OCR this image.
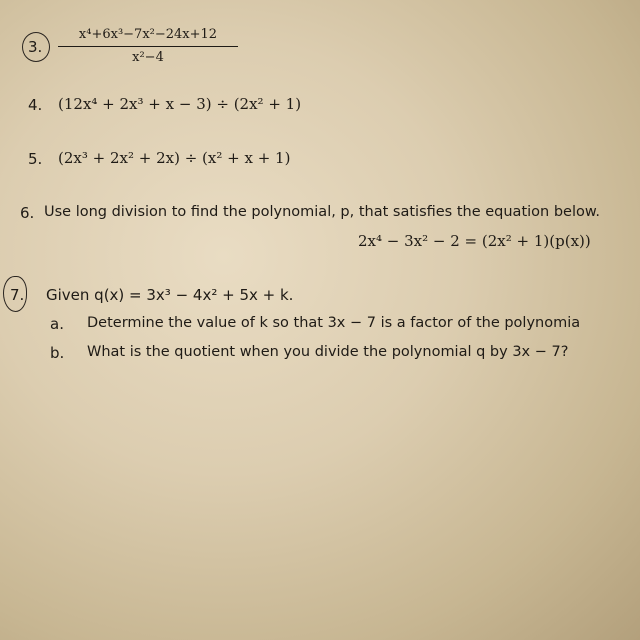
3.
x⁴+6x³−7x²−24x+12
x²−4
4. (12x⁴ + 2x³ + x − 3) ÷ (2x² + 1)
5. (2x³ + 2x² + 2x) ÷ (x² + x + 1)
6. Use long division to find the polynomial, p, that satisfies the equation below.
2x⁴ − 3x² − 2 = (2x² + 1)(p(x))
7. Given q(x) = 3x³ − 4x² + 5x + k.
a. Determine the value of k so that 3x − 7 is a factor of the polynomia
b. What is the quotient when you divide the polynomial q by 3x − 7?
